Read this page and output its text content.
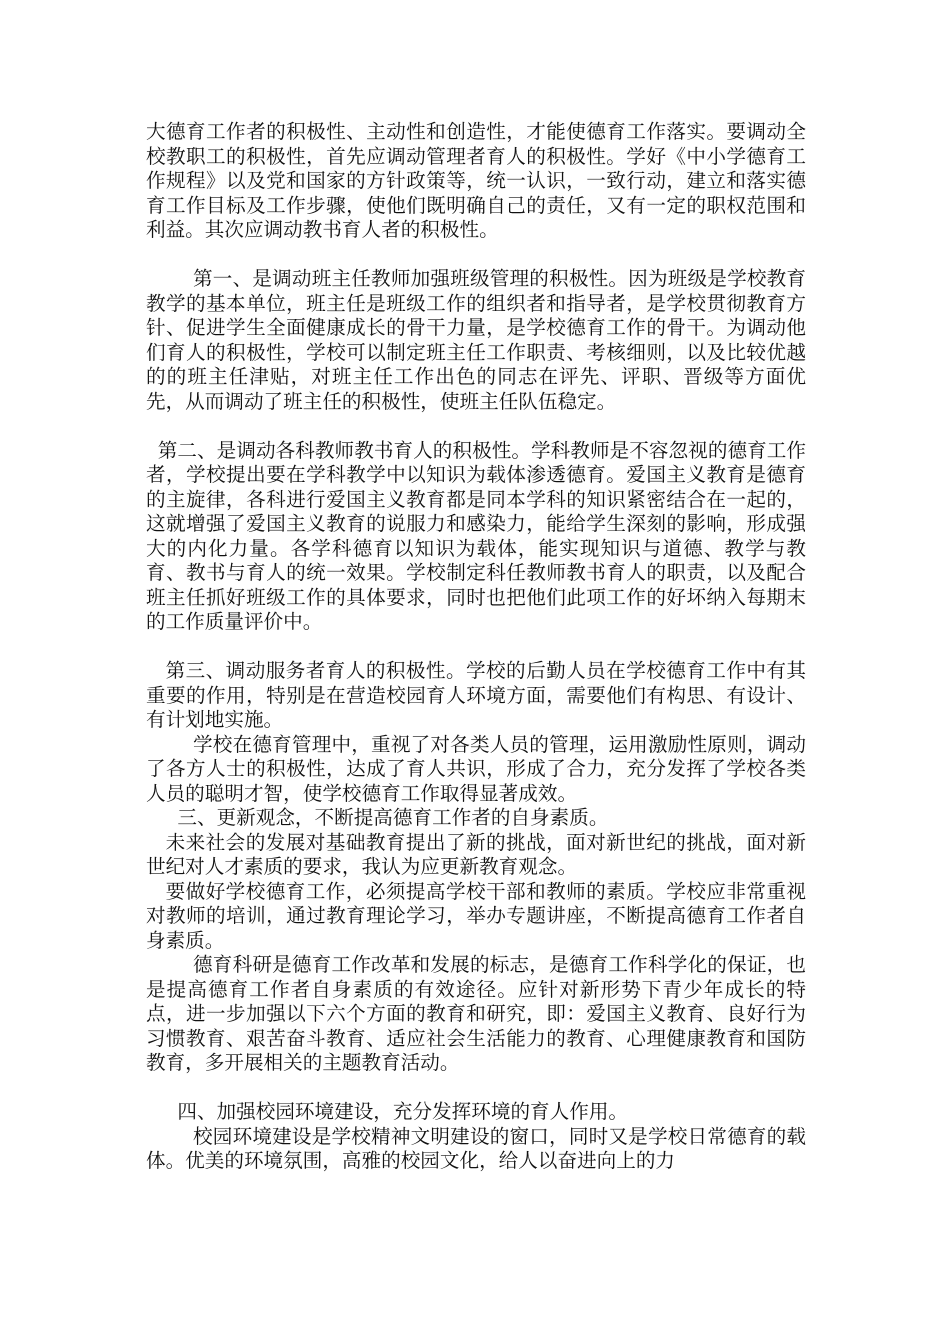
大德育工作者的积极性、主动性和创造性，才能使德育工作落实。要调动全校教职工的积极性，首先应调动管理者育人的积极性。学好《中小学德育工作规程》以及党和国家的方针政策等，统一认识，一致行动，建立和落实德育工作目标及工作步骤，使他们既明确自己的责任，又有一定的职权范围和利益。其次应调动教书育人者的积极性。

第一、是调动班主任教师加强班级管理的积极性。因为班级是学校教育教学的基本单位，班主任是班级工作的组织者和指导者，是学校贯彻教育方针、促进学生全面健康成长的骨干力量，是学校德育工作的骨干。为调动他们育人的积极性，学校可以制定班主任工作职责、考核细则，以及比较优越的的班主任津贴，对班主任工作出色的同志在评先、评职、晋级等方面优先，从而调动了班主任的积极性，使班主任队伍稳定。

第二、是调动各科教师教书育人的积极性。学科教师是不容忽视的德育工作者，学校提出要在学科教学中以知识为载体渗透德育。爱国主义教育是德育的主旋律，各科进行爱国主义教育都是同本学科的知识紧密结合在一起的，这就增强了爱国主义教育的说服力和感染力，能给学生深刻的影响，形成强大的内化力量。各学科德育以知识为载体，能实现知识与道德、教学与教育、教书与育人的统一效果。学校制定科任教师教书育人的职责，以及配合班主任抓好班级工作的具体要求，同时也把他们此项工作的好坏纳入每期末的工作质量评价中。

第三、调动服务者育人的积极性。学校的后勤人员在学校德育工作中有其重要的作用，特别是在营造校园育人环境方面，需要他们有构思、有设计、有计划地实施。

学校在德育管理中，重视了对各类人员的管理，运用激励性原则，调动了各方人士的积极性，达成了育人共识，形成了合力，充分发挥了学校各类人员的聪明才智，使学校德育工作取得显著成效。

三、更新观念，不断提高德育工作者的自身素质。

未来社会的发展对基础教育提出了新的挑战，面对新世纪的挑战，面对新世纪对人才素质的要求，我认为应更新教育观念。

要做好学校德育工作，必须提高学校干部和教师的素质。学校应非常重视对教师的培训，通过教育理论学习，举办专题讲座，不断提高德育工作者自身素质。

德育科研是德育工作改革和发展的标志，是德育工作科学化的保证，也是提高德育工作者自身素质的有效途径。应针对新形势下青少年成长的特点，进一步加强以下六个方面的教育和研究，即：爱国主义教育、良好行为习惯教育、艰苦奋斗教育、适应社会生活能力的教育、心理健康教育和国防教育，多开展相关的主题教育活动。

四、加强校园环境建设，充分发挥环境的育人作用。

校园环境建设是学校精神文明建设的窗口，同时又是学校日常德育的载体。优美的环境氛围，高雅的校园文化，给人以奋进向上的力
